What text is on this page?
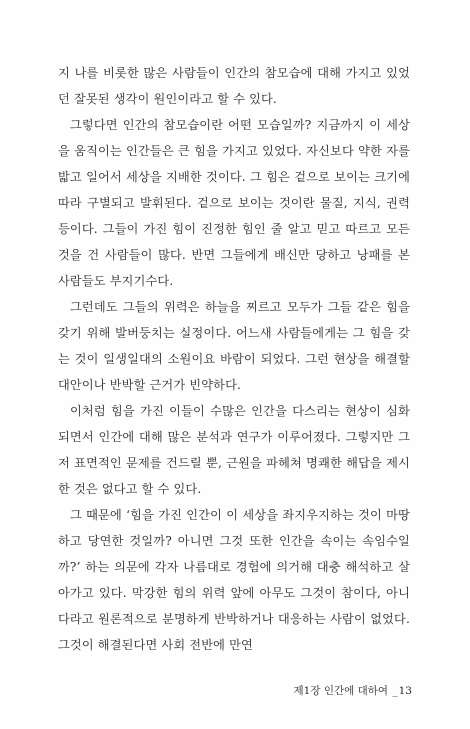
지 나를 비롯한 많은 사람들이 인간의 참모습에 대해 가지고 있었던 잘못된 생각이 원인이라고 할 수 있다.

그렇다면 인간의 참모습이란 어떤 모습일까? 지금까지 이 세상을 움직이는 인간들은 큰 힘을 가지고 있었다. 자신보다 약한 자를 밟고 일어서 세상을 지배한 것이다. 그 힘은 겉으로 보이는 크기에 따라 구별되고 발휘된다. 겉으로 보이는 것이란 물질, 지식, 권력 등이다. 그들이 가진 힘이 진정한 힘인 줄 알고 믿고 따르고 모든 것을 건 사람들이 많다. 반면 그들에게 배신만 당하고 낭패를 본 사람들도 부지기수다.

그런데도 그들의 위력은 하늘을 찌르고 모두가 그들 같은 힘을 갖기 위해 발버둥치는 실정이다. 어느새 사람들에게는 그 힘을 갖는 것이 일생일대의 소원이요 바람이 되었다. 그런 현상을 해결할 대안이나 반박할 근거가 빈약하다.

이처럼 힘을 가진 이들이 수많은 인간을 다스리는 현상이 심화되면서 인간에 대해 많은 분석과 연구가 이루어졌다. 그렇지만 그저 표면적인 문제를 건드릴 뿐, 근원을 파헤쳐 명쾌한 해답을 제시한 것은 없다고 할 수 있다.

그 때문에 ‘힘을 가진 인간이 이 세상을 좌지우지하는 것이 마땅하고 당연한 것일까? 아니면 그것 또한 인간을 속이는 속임수일까?’ 하는 의문에 각자 나름대로 경험에 의거해 대충 해석하고 살아가고 있다. 막강한 힘의 위력 앞에 아무도 그것이 참이다, 아니다라고 원론적으로 분명하게 반박하거나 대응하는 사람이 없었다. 그것이 해결된다면 사회 전반에 만연

제1장 인간에 대하여 _13
